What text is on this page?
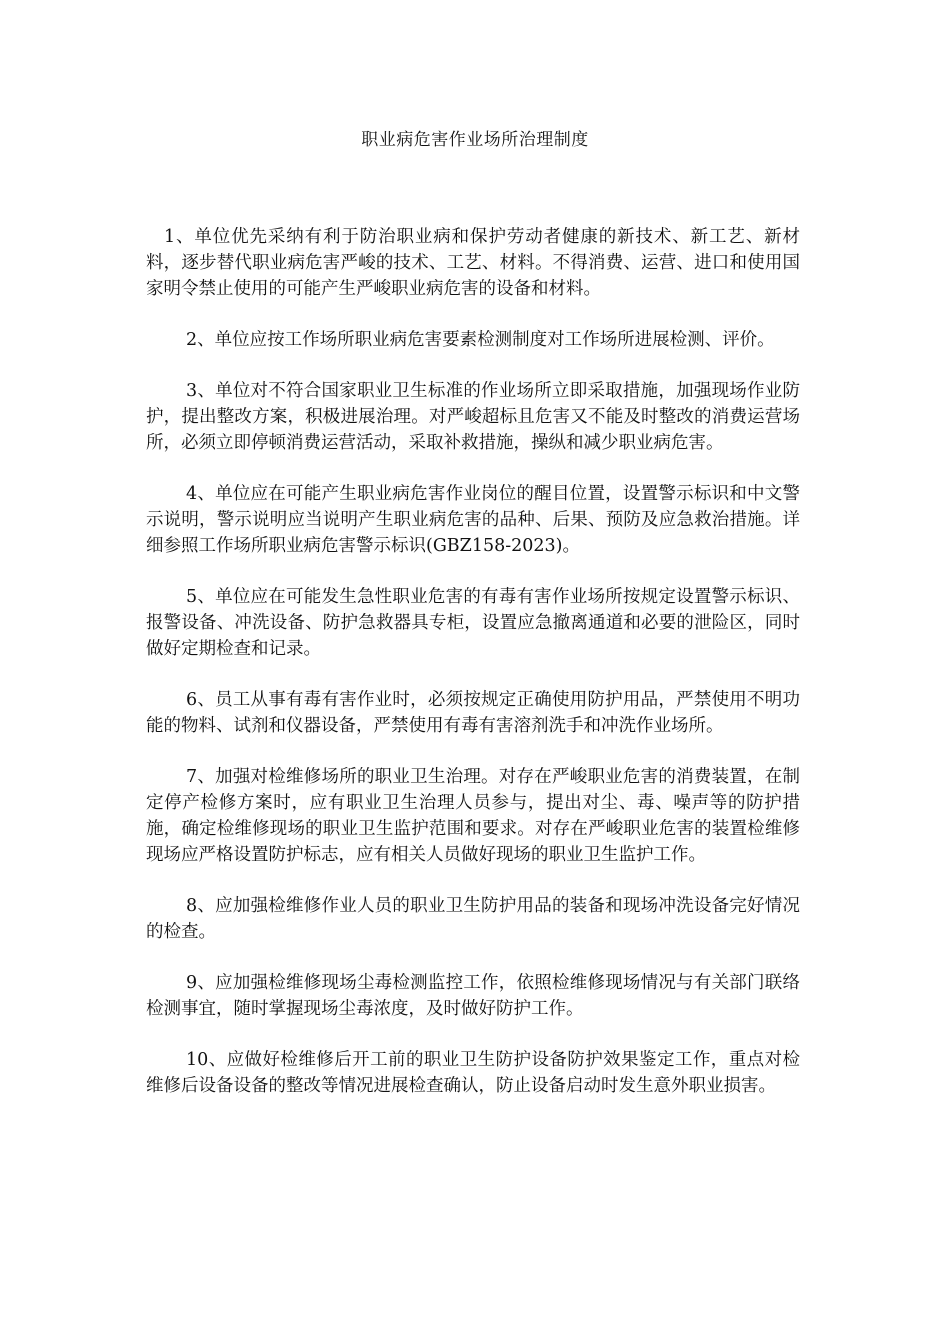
职业病危害作业场所治理制度

1、单位优先采纳有利于防治职业病和保护劳动者健康的新技术、新工艺、新材料，逐步替代职业病危害严峻的技术、工艺、材料。不得消费、运营、进口和使用国家明令禁止使用的可能产生严峻职业病危害的设备和材料。

2、单位应按工作场所职业病危害要素检测制度对工作场所进展检测、评价。

3、单位对不符合国家职业卫生标准的作业场所立即采取措施，加强现场作业防护，提出整改方案，积极进展治理。对严峻超标且危害又不能及时整改的消费运营场所，必须立即停顿消费运营活动，采取补救措施，操纵和减少职业病危害。

4、单位应在可能产生职业病危害作业岗位的醒目位置，设置警示标识和中文警示说明，警示说明应当说明产生职业病危害的品种、后果、预防及应急救治措施。详细参照工作场所职业病危害警示标识(GBZ158-2023)。

5、单位应在可能发生急性职业危害的有毒有害作业场所按规定设置警示标识、报警设备、冲洗设备、防护急救器具专柜，设置应急撤离通道和必要的泄险区，同时做好定期检查和记录。

6、员工从事有毒有害作业时，必须按规定正确使用防护用品，严禁使用不明功能的物料、试剂和仪器设备，严禁使用有毒有害溶剂洗手和冲洗作业场所。

7、加强对检维修场所的职业卫生治理。对存在严峻职业危害的消费装置，在制定停产检修方案时，应有职业卫生治理人员参与，提出对尘、毒、噪声等的防护措施，确定检维修现场的职业卫生监护范围和要求。对存在严峻职业危害的装置检维修现场应严格设置防护标志，应有相关人员做好现场的职业卫生监护工作。

8、应加强检维修作业人员的职业卫生防护用品的装备和现场冲洗设备完好情况的检查。

9、应加强检维修现场尘毒检测监控工作，依照检维修现场情况与有关部门联络检测事宜，随时掌握现场尘毒浓度，及时做好防护工作。

10、应做好检维修后开工前的职业卫生防护设备防护效果鉴定工作，重点对检维修后设备设备的整改等情况进展检查确认，防止设备启动时发生意外职业损害。
